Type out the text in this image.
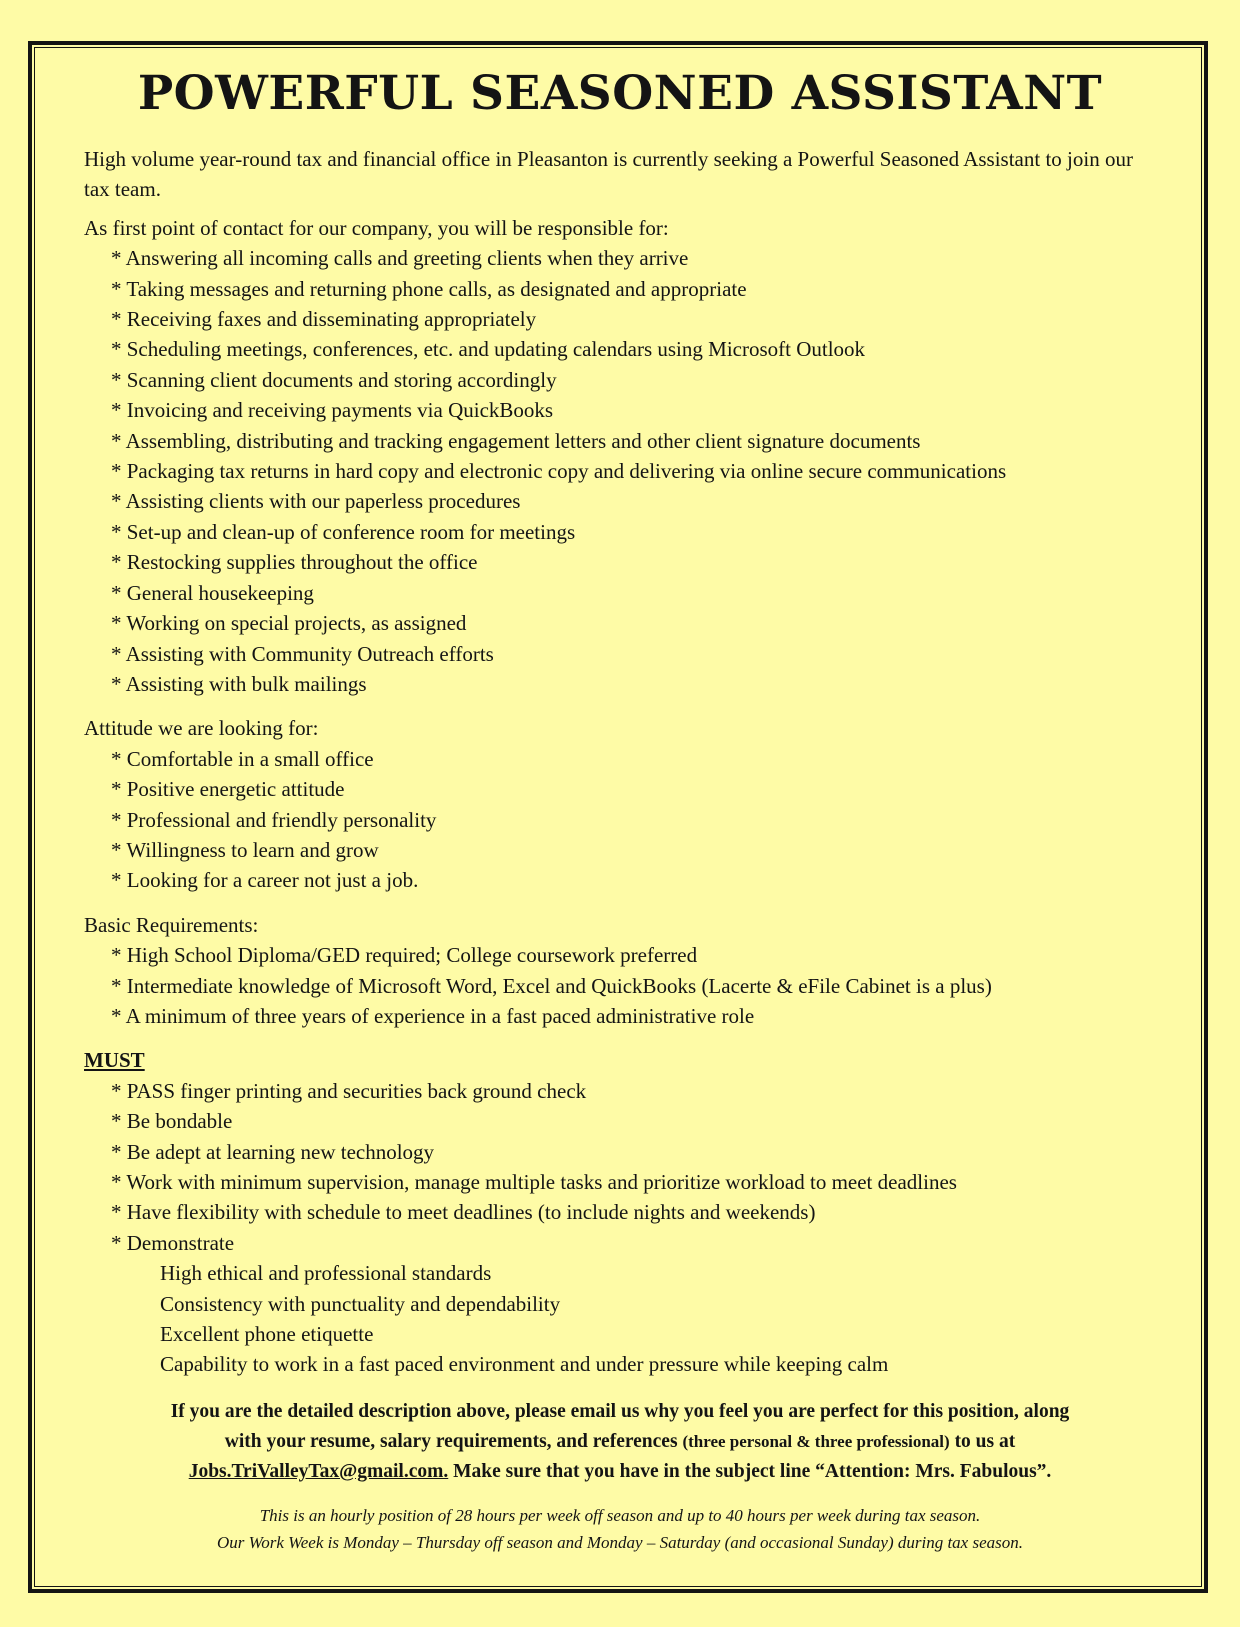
POWERFUL SEASONED ASSISTANT

High volume year-round tax and financial office in Pleasanton is currently seeking a Powerful Seasoned Assistant to join our tax team.

As first point of contact for our company, you will be responsible for:

* Answering all incoming calls and greeting clients when they arrive
* Taking messages and returning phone calls, as designated and appropriate
* Receiving faxes and disseminating appropriately
* Scheduling meetings, conferences, etc. and updating calendars using Microsoft Outlook
* Scanning client documents and storing accordingly
* Invoicing and receiving payments via QuickBooks
* Assembling, distributing and tracking engagement letters and other client signature documents
* Packaging tax returns in hard copy and electronic copy and delivering via online secure communications
* Assisting clients with our paperless procedures
* Set-up and clean-up of conference room for meetings
* Restocking supplies throughout the office
* General housekeeping
* Working on special projects, as assigned
* Assisting with Community Outreach efforts
* Assisting with bulk mailings

Attitude we are looking for:

* Comfortable in a small office
* Positive energetic attitude
* Professional and friendly personality
* Willingness to learn and grow
* Looking for a career not just a job.

Basic Requirements:

* High School Diploma/GED required; College coursework preferred
* Intermediate knowledge of Microsoft Word, Excel and QuickBooks (Lacerte & eFile Cabinet is a plus)
* A minimum of three years of experience in a fast paced administrative role

MUST

* PASS finger printing and securities back ground check
* Be bondable
* Be adept at learning new technology
* Work with minimum supervision, manage multiple tasks and prioritize workload to meet deadlines
* Have flexibility with schedule to meet deadlines (to include nights and weekends)
* Demonstrate
High ethical and professional standards
Consistency with punctuality and dependability
Excellent phone etiquette
Capability to work in a fast paced environment and under pressure while keeping calm

If you are the detailed description above, please email us why you feel you are perfect for this position, along
with your resume, salary requirements, and references (three personal & three professional) to us at
Jobs.TriValleyTax@gmail.com. Make sure that you have in the subject line “Attention: Mrs. Fabulous”.

This is an hourly position of 28 hours per week off season and up to 40 hours per week during tax season.
Our Work Week is Monday – Thursday off season and Monday – Saturday (and occasional Sunday) during tax season.
